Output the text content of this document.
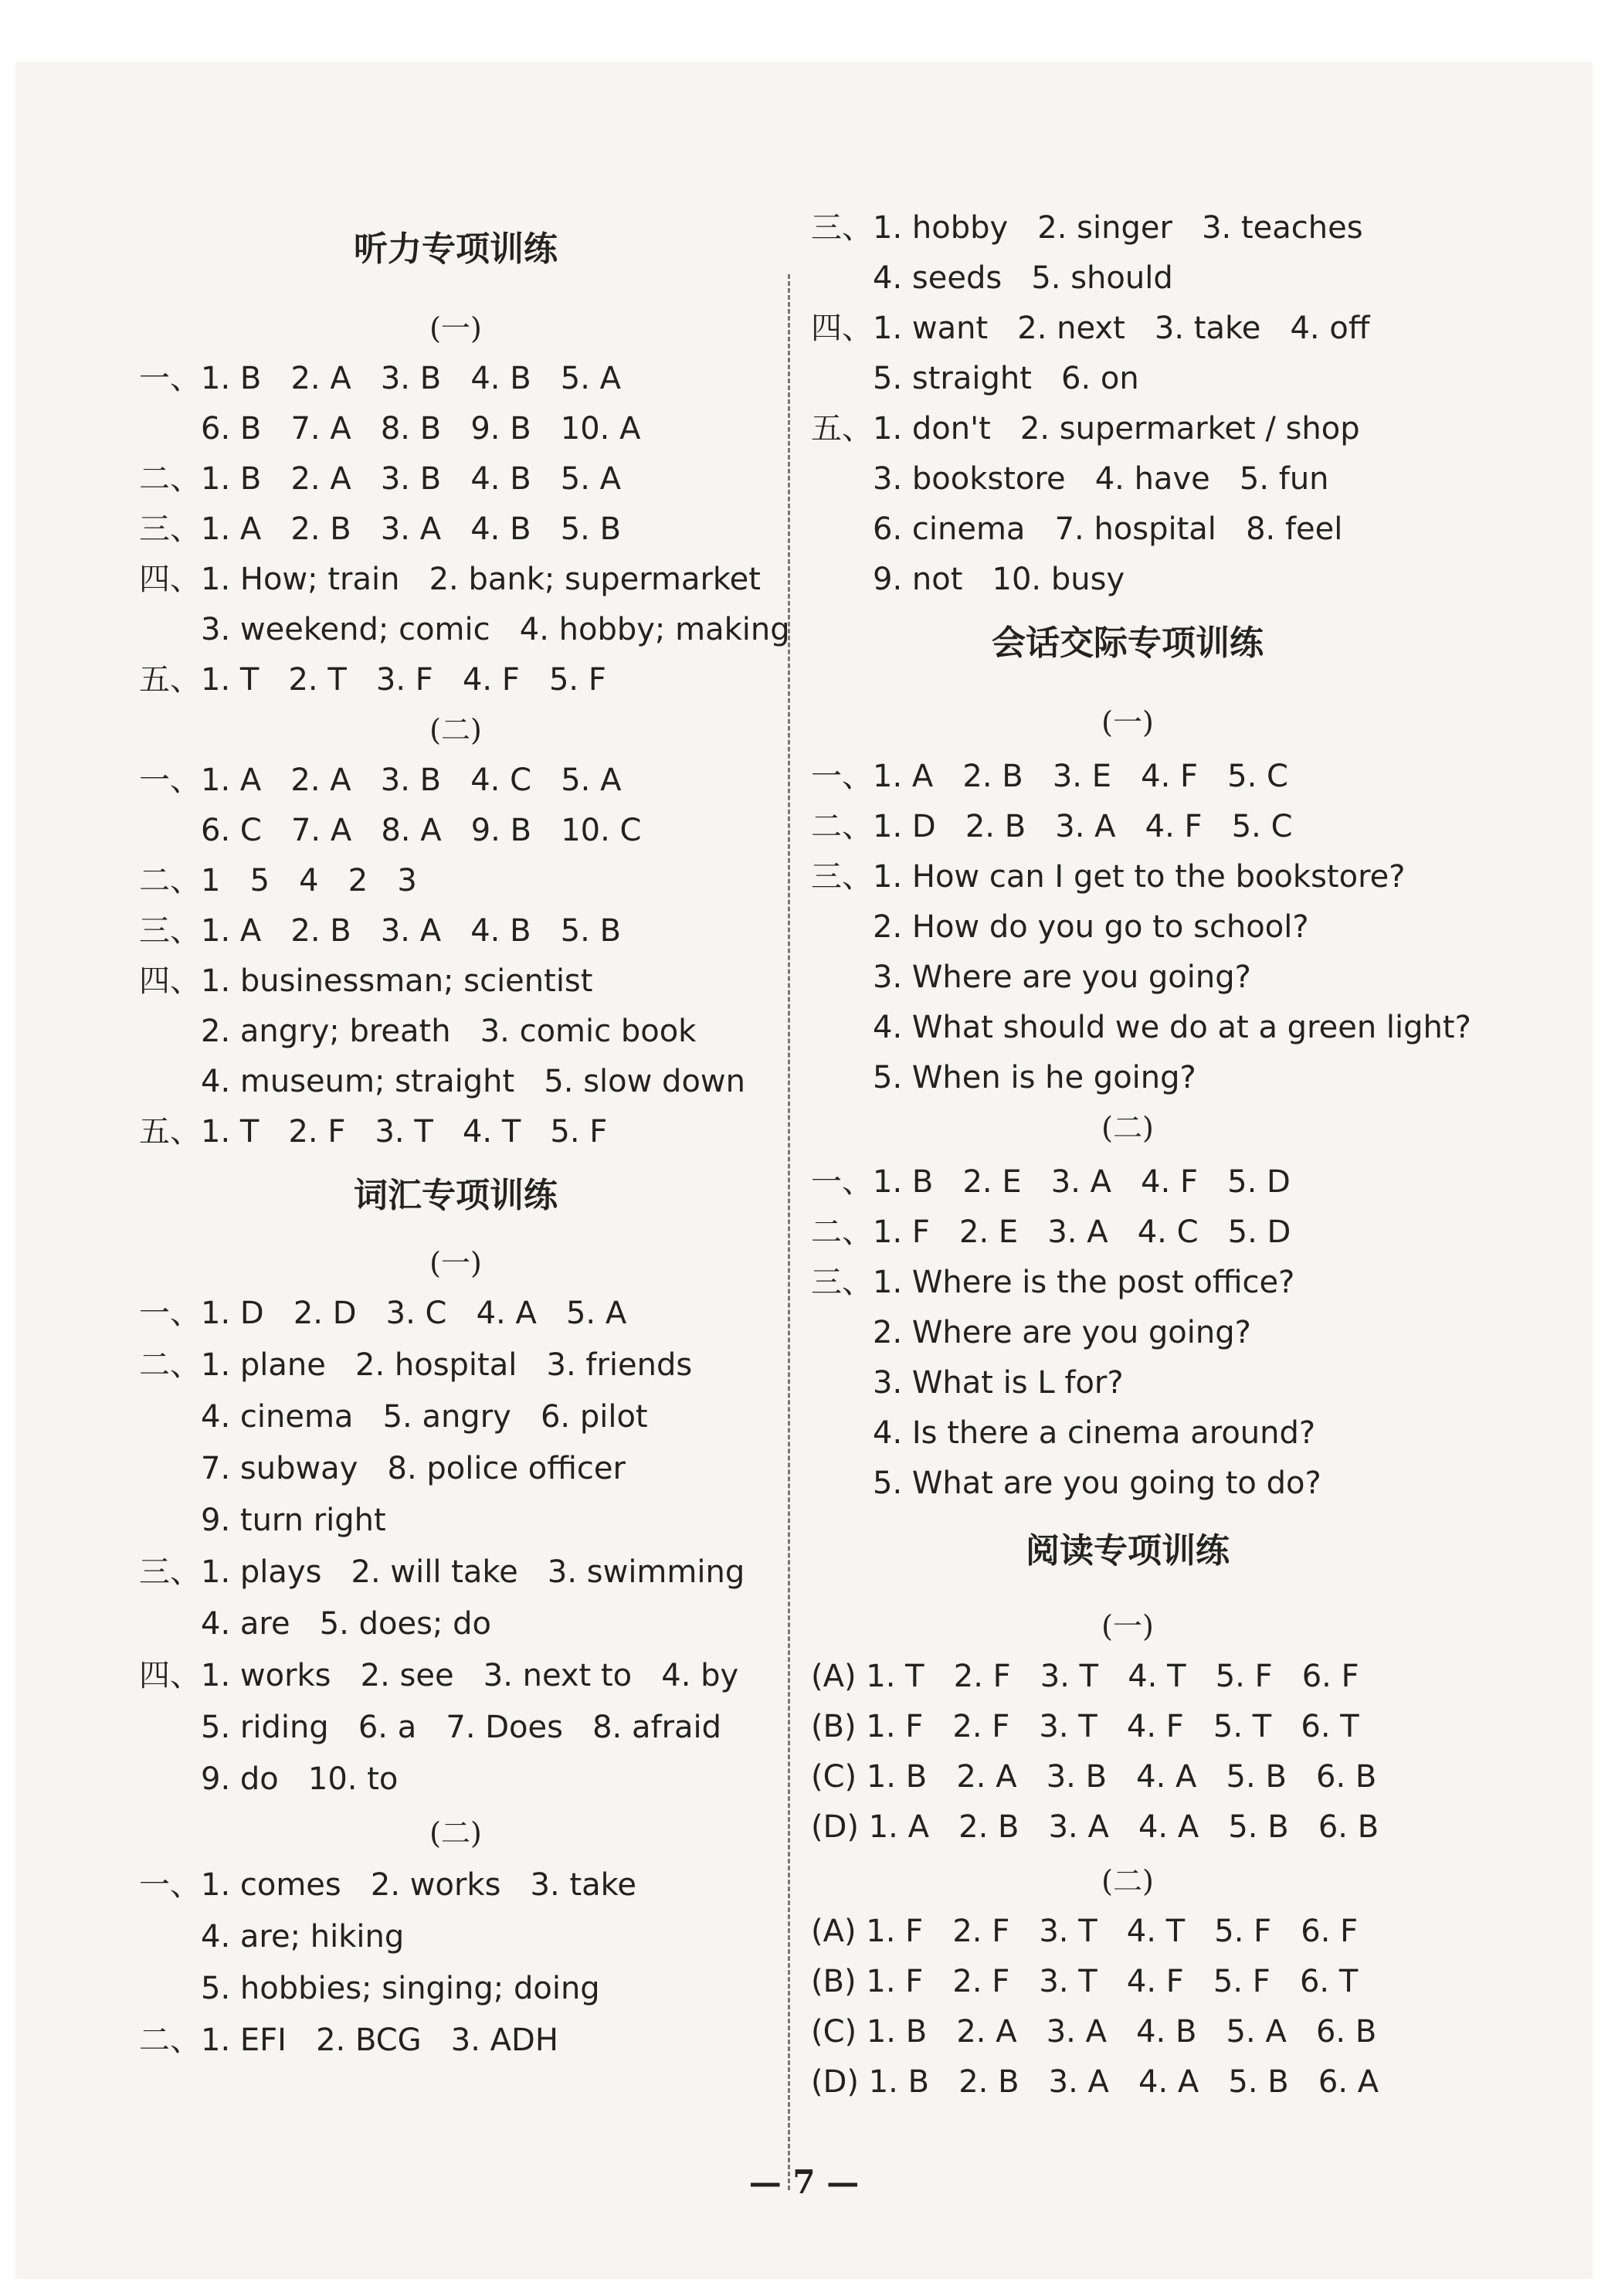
听力专项训练
(一)
一、1. B   2. A   3. B   4. B   5. A
6. B   7. A   8. B   9. B   10. A
二、1. B   2. A   3. B   4. B   5. A
三、1. A   2. B   3. A   4. B   5. B
四、1. How; train   2. bank; supermarket
3. weekend; comic   4. hobby; making
五、1. T   2. T   3. F   4. F   5. F
(二)
一、1. A   2. A   3. B   4. C   5. A
6. C   7. A   8. A   9. B   10. C
二、1   5   4   2   3
三、1. A   2. B   3. A   4. B   5. B
四、1. businessman; scientist
2. angry; breath   3. comic book
4. museum; straight   5. slow down
五、1. T   2. F   3. T   4. T   5. F
词汇专项训练
(一)
一、1. D   2. D   3. C   4. A   5. A
二、1. plane   2. hospital   3. friends
4. cinema   5. angry   6. pilot
7. subway   8. police officer
9. turn right
三、1. plays   2. will take   3. swimming
4. are   5. does; do
四、1. works   2. see   3. next to   4. by
5. riding   6. a   7. Does   8. afraid
9. do   10. to
(二)
一、1. comes   2. works   3. take
4. are; hiking
5. hobbies; singing; doing
二、1. EFI   2. BCG   3. ADH
三、1. hobby   2. singer   3. teaches
4. seeds   5. should
四、1. want   2. next   3. take   4. off
5. straight   6. on
五、1. don't   2. supermarket / shop
3. bookstore   4. have   5. fun
6. cinema   7. hospital   8. feel
9. not   10. busy
会话交际专项训练
(一)
一、1. A   2. B   3. E   4. F   5. C
二、1. D   2. B   3. A   4. F   5. C
三、1. How can I get to the bookstore?
2. How do you go to school?
3. Where are you going?
4. What should we do at a green light?
5. When is he going?
(二)
一、1. B   2. E   3. A   4. F   5. D
二、1. F   2. E   3. A   4. C   5. D
三、1. Where is the post office?
2. Where are you going?
3. What is L for?
4. Is there a cinema around?
5. What are you going to do?
阅读专项训练
(一)
(A) 1. T   2. F   3. T   4. T   5. F   6. F
(B) 1. F   2. F   3. T   4. F   5. T   6. T
(C) 1. B   2. A   3. B   4. A   5. B   6. B
(D) 1. A   2. B   3. A   4. A   5. B   6. B
(二)
(A) 1. F   2. F   3. T   4. T   5. F   6. F
(B) 1. F   2. F   3. T   4. F   5. F   6. T
(C) 1. B   2. A   3. A   4. B   5. A   6. B
(D) 1. B   2. B   3. A   4. A   5. B   6. A
— 7 —
